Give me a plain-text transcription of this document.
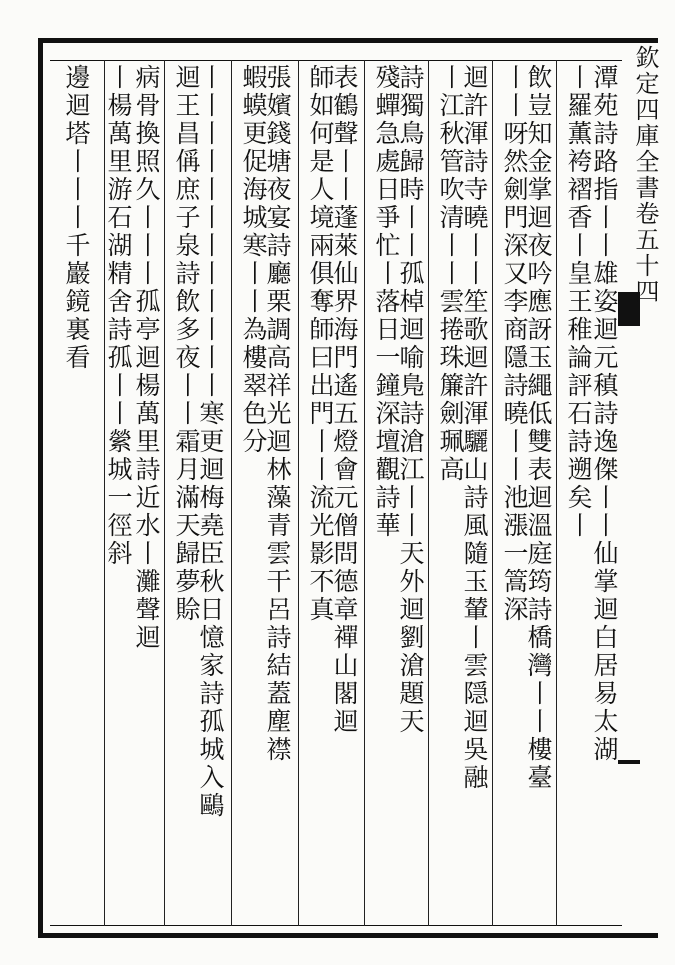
欽定四庫全書
卷五十四
潭苑詩路指丨丨雄姿迴元稹詩逸傑丨丨仙掌迴白居易太湖
丨羅薫袴褶香丨皇王稚論評石詩遡矣丨
飲豈知金掌迴夜吟應訝玉繩低雙表迴溫庭筠詩橋灣丨丨樓臺
丨丨呀然劍門深又李商隱詩曉丨丨池漲一篙深
迴許渾詩寺曉丨丨笙歌迴許渾驪山詩風隨玉輦丨雲隠迴吳融
丨江秋管吹清丨丨雲捲珠簾劍珮高
詩獨鳥歸時丨丨孤棹迴喻鳬詩滄江丨丨天外迴劉滄題天
殘蟬急處日爭忙丨落日一鐘深壇觀詩華
表鶴聲丨丨蓬萊仙界海門遙五燈會元僧問德章禪山閣迴
師如何是人境兩俱奪師曰出門丨丨流光影不真
張嬪錢塘夜宴詩廳栗調高祥光迴林藻青雲干呂詩結蓋塵襟
蝦蟆更促海城寒丨丨為樓翠色分
丨丨丨丨丨丨丨丨丨丨丨丨寒更迴梅堯臣秋日憶家詩孤城入鷗
迴王昌偁庶子泉詩飲多夜丨丨霜月滿天歸夢賒
病骨換照久丨丨丨孤亭迴楊萬里詩近水丨灘聲迴
丨楊萬里游石湖精舍詩孤丨丨縈城一徑斜
邊迴塔丨丨丨千巖鏡裏看
